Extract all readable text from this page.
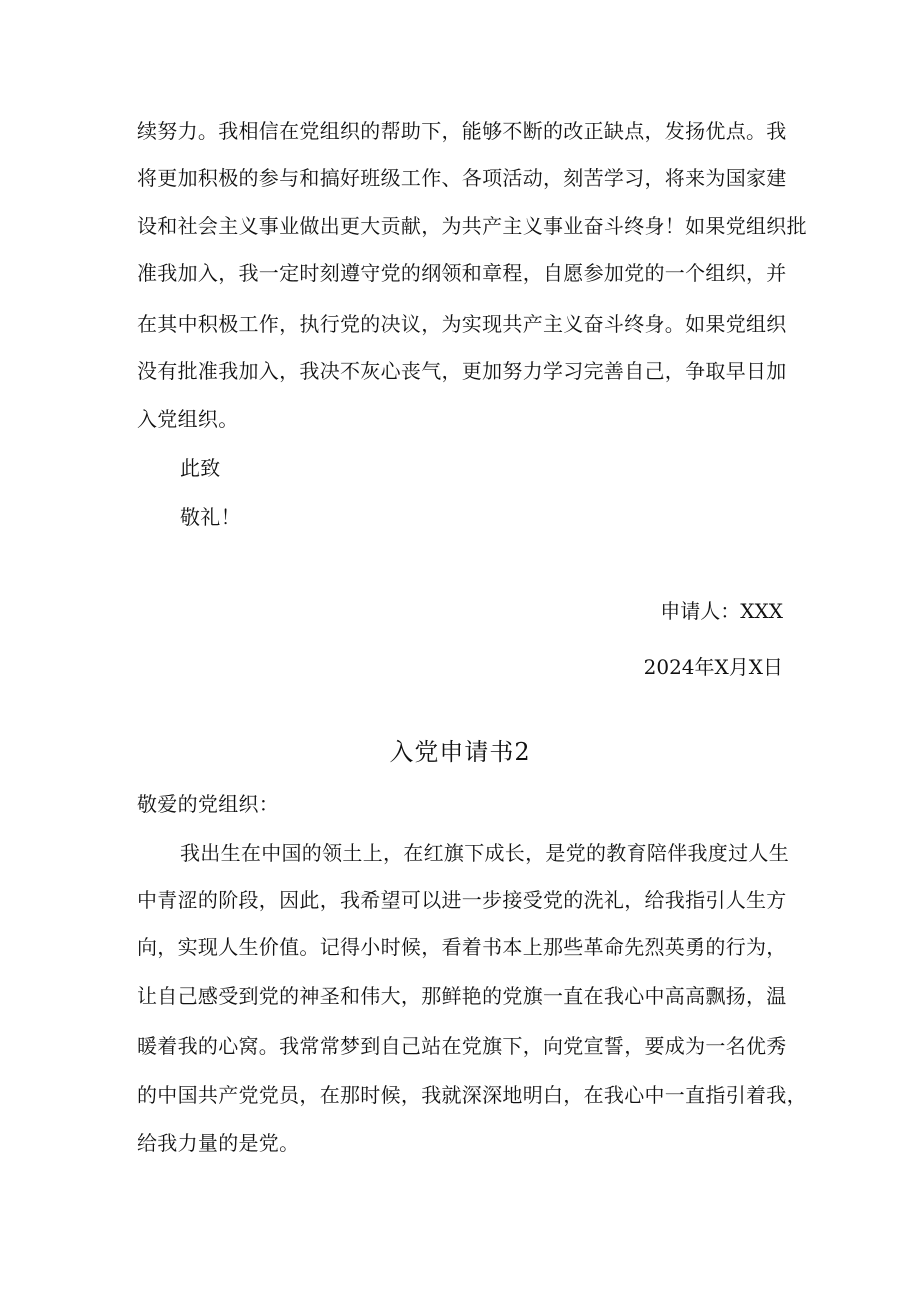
续努力。我相信在党组织的帮助下，能够不断的改正缺点，发扬优点。我
将更加积极的参与和搞好班级工作、各项活动，刻苦学习，将来为国家建
设和社会主义事业做出更大贡献，为共产主义事业奋斗终身！如果党组织批
准我加入，我一定时刻遵守党的纲领和章程，自愿参加党的一个组织，并
在其中积极工作，执行党的决议，为实现共产主义奋斗终身。如果党组织
没有批准我加入，我决不灰心丧气，更加努力学习完善自己，争取早日加
入党组织。
此致
敬礼！
申请人：XXX
2024年X月X日
入党申请书2
敬爱的党组织：
我出生在中国的领土上，在红旗下成长，是党的教育陪伴我度过人生
中青涩的阶段，因此，我希望可以进一步接受党的洗礼，给我指引人生方
向，实现人生价值。记得小时候，看着书本上那些革命先烈英勇的行为，
让自己感受到党的神圣和伟大，那鲜艳的党旗一直在我心中高高飘扬，温
暖着我的心窝。我常常梦到自己站在党旗下，向党宣誓，要成为一名优秀
的中国共产党党员，在那时候，我就深深地明白，在我心中一直指引着我，
给我力量的是党。
